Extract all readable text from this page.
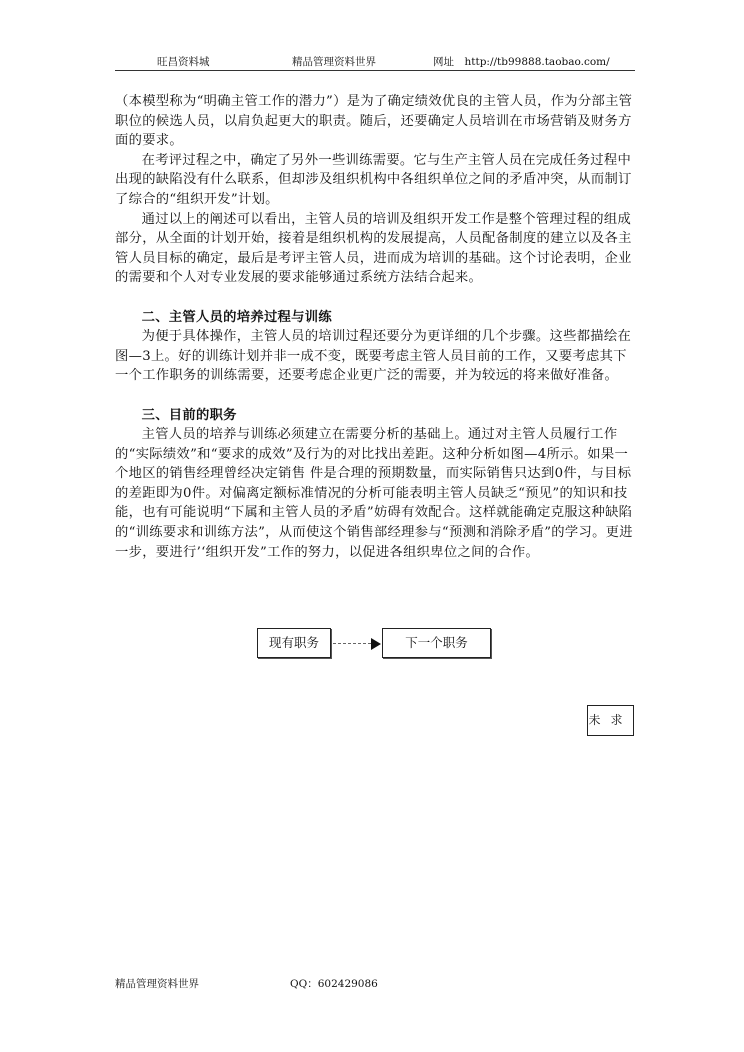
旺昌资料城	精品管理资料世界	网址　http://tb99888.taobao.com/

（本模型称为“明确主管工作的潜力”）是为了确定绩效优良的主管人员，作为分部主管职位的候选人员，以肩负起更大的职责。随后，还要确定人员培训在市场营销及财务方面的要求。

在考评过程之中，确定了另外一些训练需要。它与生产主管人员在完成任务过程中出现的缺陷没有什么联系，但却涉及组织机构中各组织单位之间的矛盾冲突，从而制订了综合的“组织开发”计划。

通过以上的阐述可以看出，主管人员的培训及组织开发工作是整个管理过程的组成部分，从全面的计划开始，接着是组织机构的发展提高，人员配备制度的建立以及各主管人员目标的确定，最后是考评主管人员，进而成为培训的基础。这个讨论表明，企业的需要和个人对专业发展的要求能够通过系统方法结合起来。

二、主管人员的培养过程与训练

为便于具体操作，主管人员的培训过程还要分为更详细的几个步骤。这些都描绘在图—3上。好的训练计划并非一成不变，既要考虑主管人员目前的工作，又要考虑其下一个工作职务的训练需要，还要考虑企业更广泛的需要，并为较远的将来做好准备。

三、目前的职务

主管人员的培养与训练必须建立在需要分析的基础上。通过对主管人员履行工作的“实际绩效”和“要求的成效”及行为的对比找出差距。这种分析如图—4所示。如果一个地区的销售经理曾经决定销售 件是合理的预期数量，而实际销售只达到0件，与目标的差距即为0件。对偏离定额标准情况的分析可能表明主管人员缺乏“预见”的知识和技能，也有可能说明“下属和主管人员的矛盾”妨碍有效配合。这样就能确定克服这种缺陷的“训练要求和训练方法”，从而使这个销售部经理参与“预测和消除矛盾”的学习。更进一步，要进行’‘组织开发”工作的努力，以促进各组织卑位之间的合作。

现有职务	下一个职务
未求
精品管理资料世界	QQ：602429086
